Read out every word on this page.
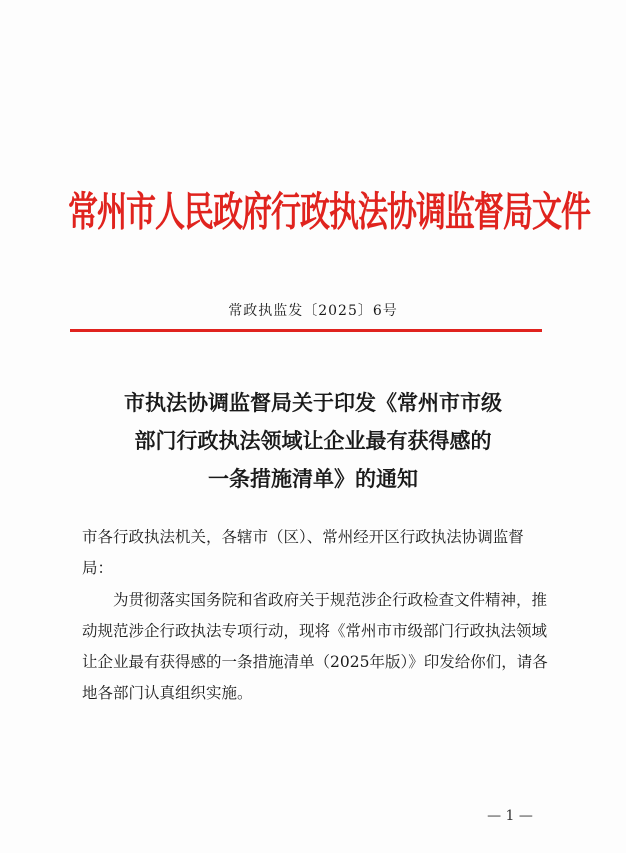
常州市人民政府行政执法协调监督局文件
常政执监发〔2025〕6号
市执法协调监督局关于印发《常州市市级
部门行政执法领域让企业最有获得感的
一条措施清单》的通知
市各行政执法机关，各辖市（区）、常州经开区行政执法协调监督局：
为贯彻落实国务院和省政府关于规范涉企行政检查文件精神，推动规范涉企行政执法专项行动，现将《常州市市级部门行政执法领域让企业最有获得感的一条措施清单（2025年版）》印发给你们，请各地各部门认真组织实施。
— 1 —
